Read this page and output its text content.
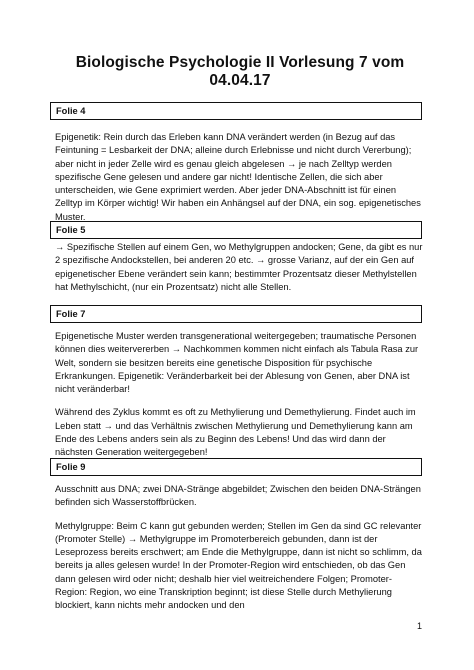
Biologische Psychologie II Vorlesung 7 vom 04.04.17
Folie 4

Epigenetik: Rein durch das Erleben kann DNA verändert werden (in Bezug auf das Feintuning = Lesbarkeit der DNA; alleine durch Erlebnisse und nicht durch Vererbung); aber nicht in jeder Zelle wird es genau gleich abgelesen → je nach Zelltyp werden spezifische Gene gelesen und andere gar nicht! Identische Zellen, die sich aber unterscheiden, wie Gene exprimiert werden. Aber jeder DNA-Abschnitt ist für einen Zelltyp im Körper wichtig! Wir haben ein Anhängsel auf der DNA, ein sog. epigenetisches Muster.

Folie 5

→ Spezifische Stellen auf einem Gen, wo Methylgruppen andocken; Gene, da gibt es nur 2 spezifische Andockstellen, bei anderen 20 etc. → grosse Varianz, auf der ein Gen auf epigenetischer Ebene verändert sein kann; bestimmter Prozentsatz dieser Methylstellen hat Methylschicht, (nur ein Prozentsatz) nicht alle Stellen.

Folie 7

Epigenetische Muster werden transgenerational weitergegeben; traumatische Personen können dies weitervererben → Nachkommen kommen nicht einfach als Tabula Rasa zur Welt, sondern sie besitzen bereits eine genetische Disposition für psychische Erkrankungen. Epigenetik: Veränderbarkeit bei der Ablesung von Genen, aber DNA ist nicht veränderbar!

Während des Zyklus kommt es oft zu Methylierung und Demethylierung. Findet auch im Leben statt → und das Verhältnis zwischen Methylierung und Demethylierung kann am Ende des Lebens anders sein als zu Beginn des Lebens! Und das wird dann der nächsten Generation weitergegeben!

Folie 9

Ausschnitt aus DNA; zwei DNA-Stränge abgebildet; Zwischen den beiden DNA-Strängen befinden sich Wasserstoffbrücken.

Methylgruppe: Beim C kann gut gebunden werden; Stellen im Gen da sind GC relevanter (Promoter Stelle) → Methylgruppe im Promoterbereich gebunden, dann ist der Leseprozess bereits erschwert; am Ende die Methylgruppe, dann ist nicht so schlimm, da bereits ja alles gelesen wurde! In der Promoter-Region wird entschieden, ob das Gen dann gelesen wird oder nicht; deshalb hier viel weitreichendere Folgen; Promoter-Region: Region, wo eine Transkription beginnt; ist diese Stelle durch Methylierung blockiert, kann nichts mehr andocken und den

1
